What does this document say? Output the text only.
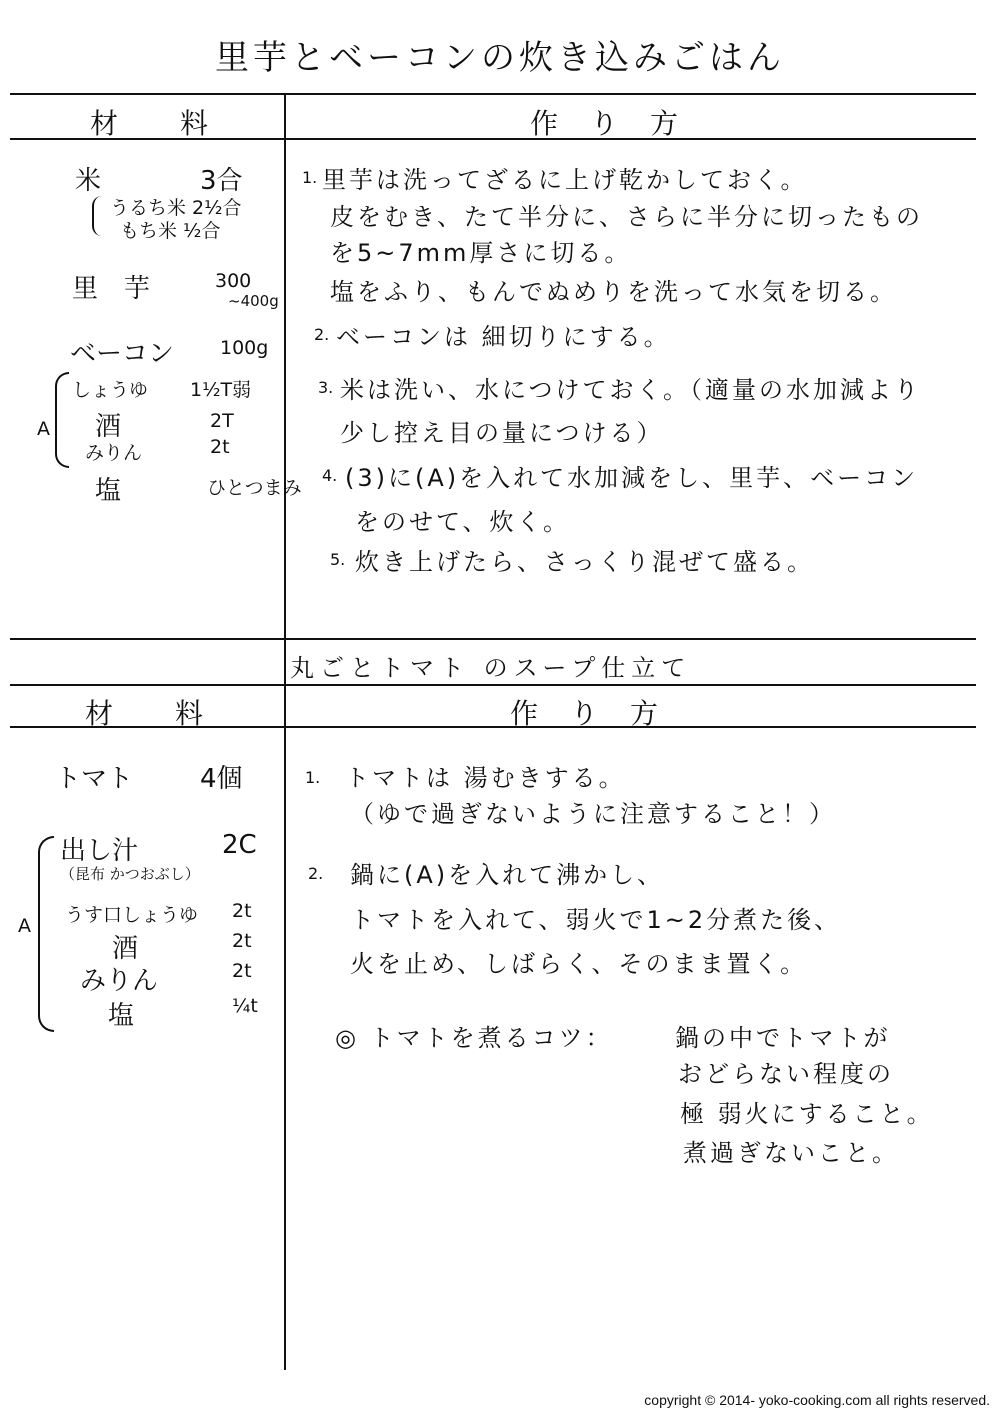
里芋とベーコンの炊き込みごはん
材　　料	作　り　方
米	3合
うるち米 2½合
もち米 ½合
里　芋	300
~400g
ベーコン 100g
A
しょうゆ 1½T弱
酒	2T
みりん	2t
塩	ひとつまみ
1. 里芋は洗ってざるに上げ乾かしておく。
皮をむき、たて半分に、さらに半分に切ったもの
を5~7mm厚さに切る。
塩をふり、もんでぬめりを洗って水気を切る。
2. ベーコンは 細切りにする。
3. 米は洗い、水につけておく。（適量の水加減より
少し控え目の量につける）
4. (3)に(A)を入れて水加減をし、里芋、ベーコン
をのせて、炊く。
5. 炊き上げたら、さっくり混ぜて盛る。
丸ごとトマト のスープ仕立て
材　　料	作　り　方
トマト	4個
A
出し汁	2C
（昆布 かつおぶし）
うす口しょうゆ 2t
酒	2t
みりん	2t
塩	¼t
1. トマトは 湯むきする。
（ゆで過ぎないように注意すること！）
2. 鍋に(A)を入れて沸かし、
トマトを入れて、弱火で1~2分煮た後、
火を止め、しばらく、そのまま置く。
◎ トマトを煮るコツ：	鍋の中でトマトが
おどらない程度の
極 弱火にすること。
煮過ぎないこと。
copyright © 2014- yoko-cooking.com all rights reserved.
